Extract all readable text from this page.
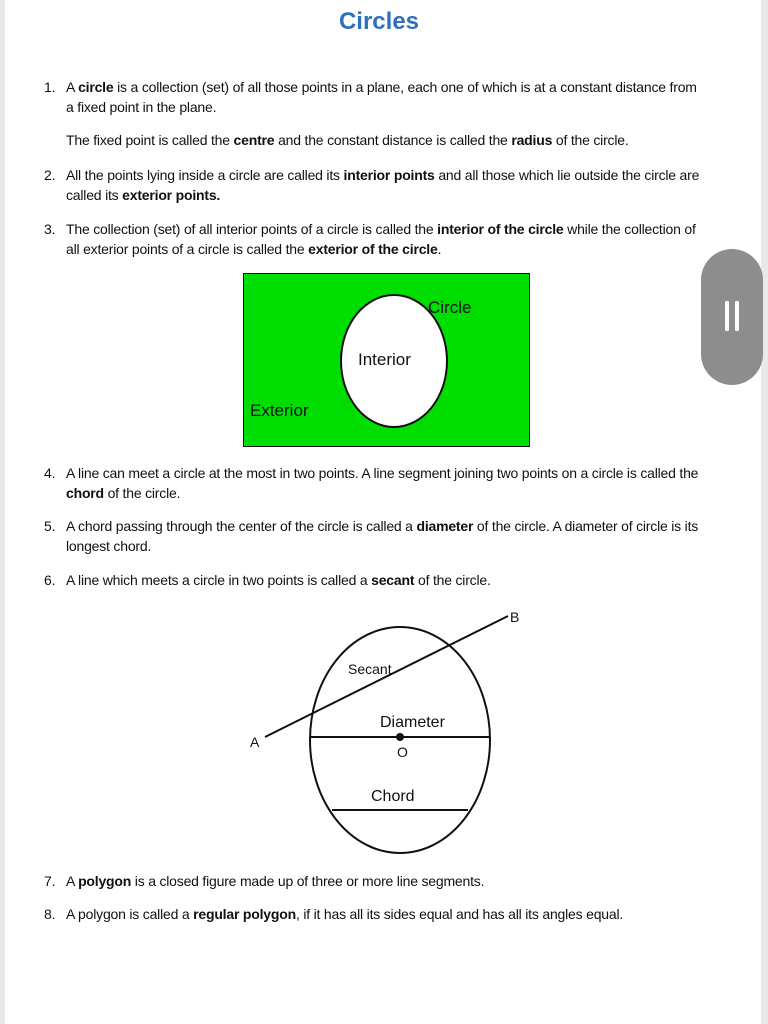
Circles
1. A circle is a collection (set) of all those points in a plane, each one of which is at a constant distance from a fixed point in the plane.
The fixed point is called the centre and the constant distance is called the radius of the circle.
2. All the points lying inside a circle are called its interior points and all those which lie outside the circle are called its exterior points.
3. The collection (set) of all interior points of a circle is called the interior of the circle while the collection of all exterior points of a circle is called the exterior of the circle.
Circle
Interior
Exterior
4. A line can meet a circle at the most in two points. A line segment joining two points on a circle is called the chord of the circle.
5. A chord passing through the center of the circle is called a diameter of the circle. A diameter of circle is its longest chord.
6. A line which meets a circle in two points is called a secant of the circle.
B
A
Secant
Diameter
O
Chord
7. A polygon is a closed figure made up of three or more line segments.
8. A polygon is called a regular polygon, if it has all its sides equal and has all its angles equal.
